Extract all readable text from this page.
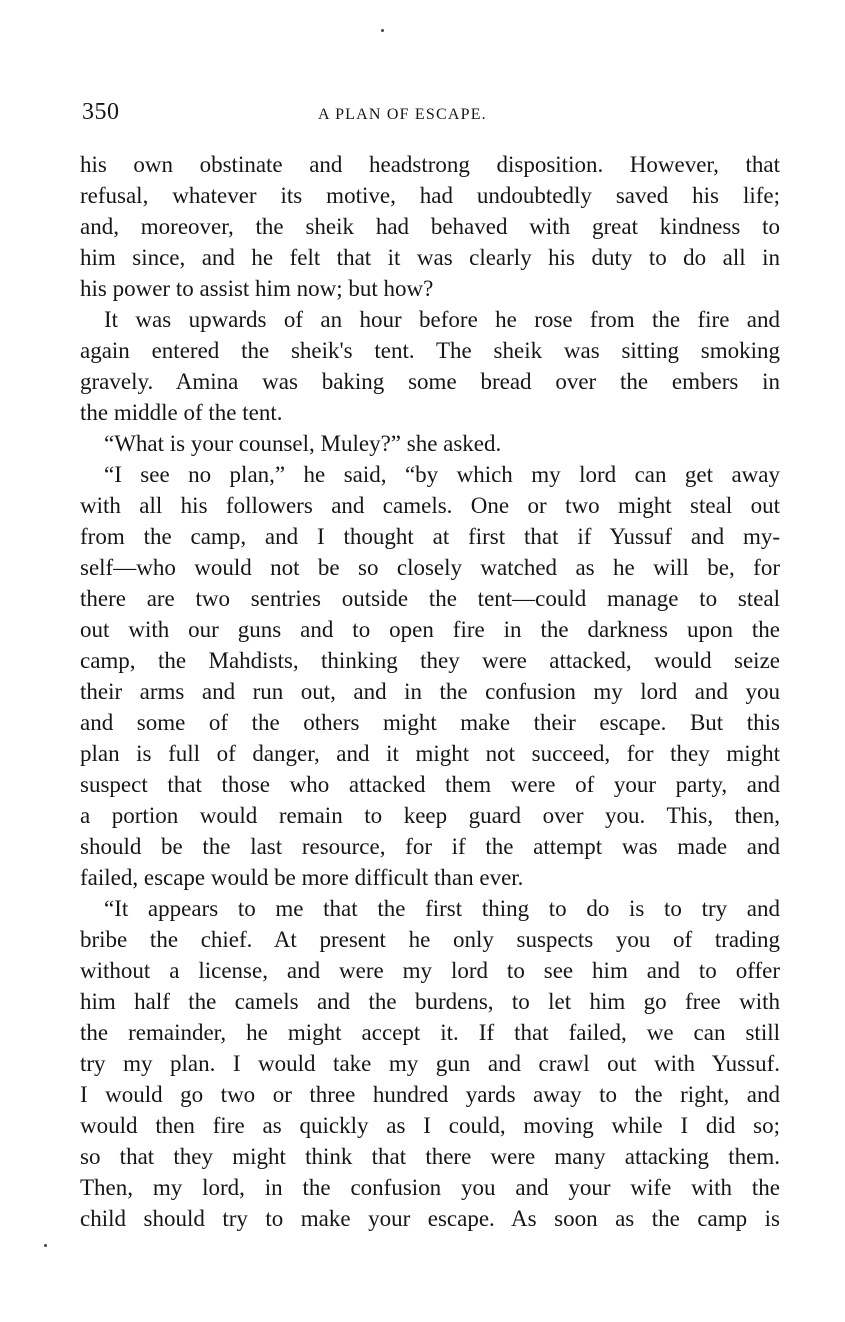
350	A PLAN OF ESCAPE.
his own obstinate and headstrong disposition. However, that
refusal, whatever its motive, had undoubtedly saved his life;
and, moreover, the sheik had behaved with great kindness to
him since, and he felt that it was clearly his duty to do all in
his power to assist him now; but how?
It was upwards of an hour before he rose from the fire and
again entered the sheik's tent. The sheik was sitting smoking
gravely. Amina was baking some bread over the embers in
the middle of the tent.
“What is your counsel, Muley?” she asked.
“I see no plan,” he said, “by which my lord can get away
with all his followers and camels. One or two might steal out
from the camp, and I thought at first that if Yussuf and my-
self—who would not be so closely watched as he will be, for
there are two sentries outside the tent—could manage to steal
out with our guns and to open fire in the darkness upon the
camp, the Mahdists, thinking they were attacked, would seize
their arms and run out, and in the confusion my lord and you
and some of the others might make their escape. But this
plan is full of danger, and it might not succeed, for they might
suspect that those who attacked them were of your party, and
a portion would remain to keep guard over you. This, then,
should be the last resource, for if the attempt was made and
failed, escape would be more difficult than ever.
“It appears to me that the first thing to do is to try and
bribe the chief. At present he only suspects you of trading
without a license, and were my lord to see him and to offer
him half the camels and the burdens, to let him go free with
the remainder, he might accept it. If that failed, we can still
try my plan. I would take my gun and crawl out with Yussuf.
I would go two or three hundred yards away to the right, and
would then fire as quickly as I could, moving while I did so;
so that they might think that there were many attacking them.
Then, my lord, in the confusion you and your wife with the
child should try to make your escape. As soon as the camp is
